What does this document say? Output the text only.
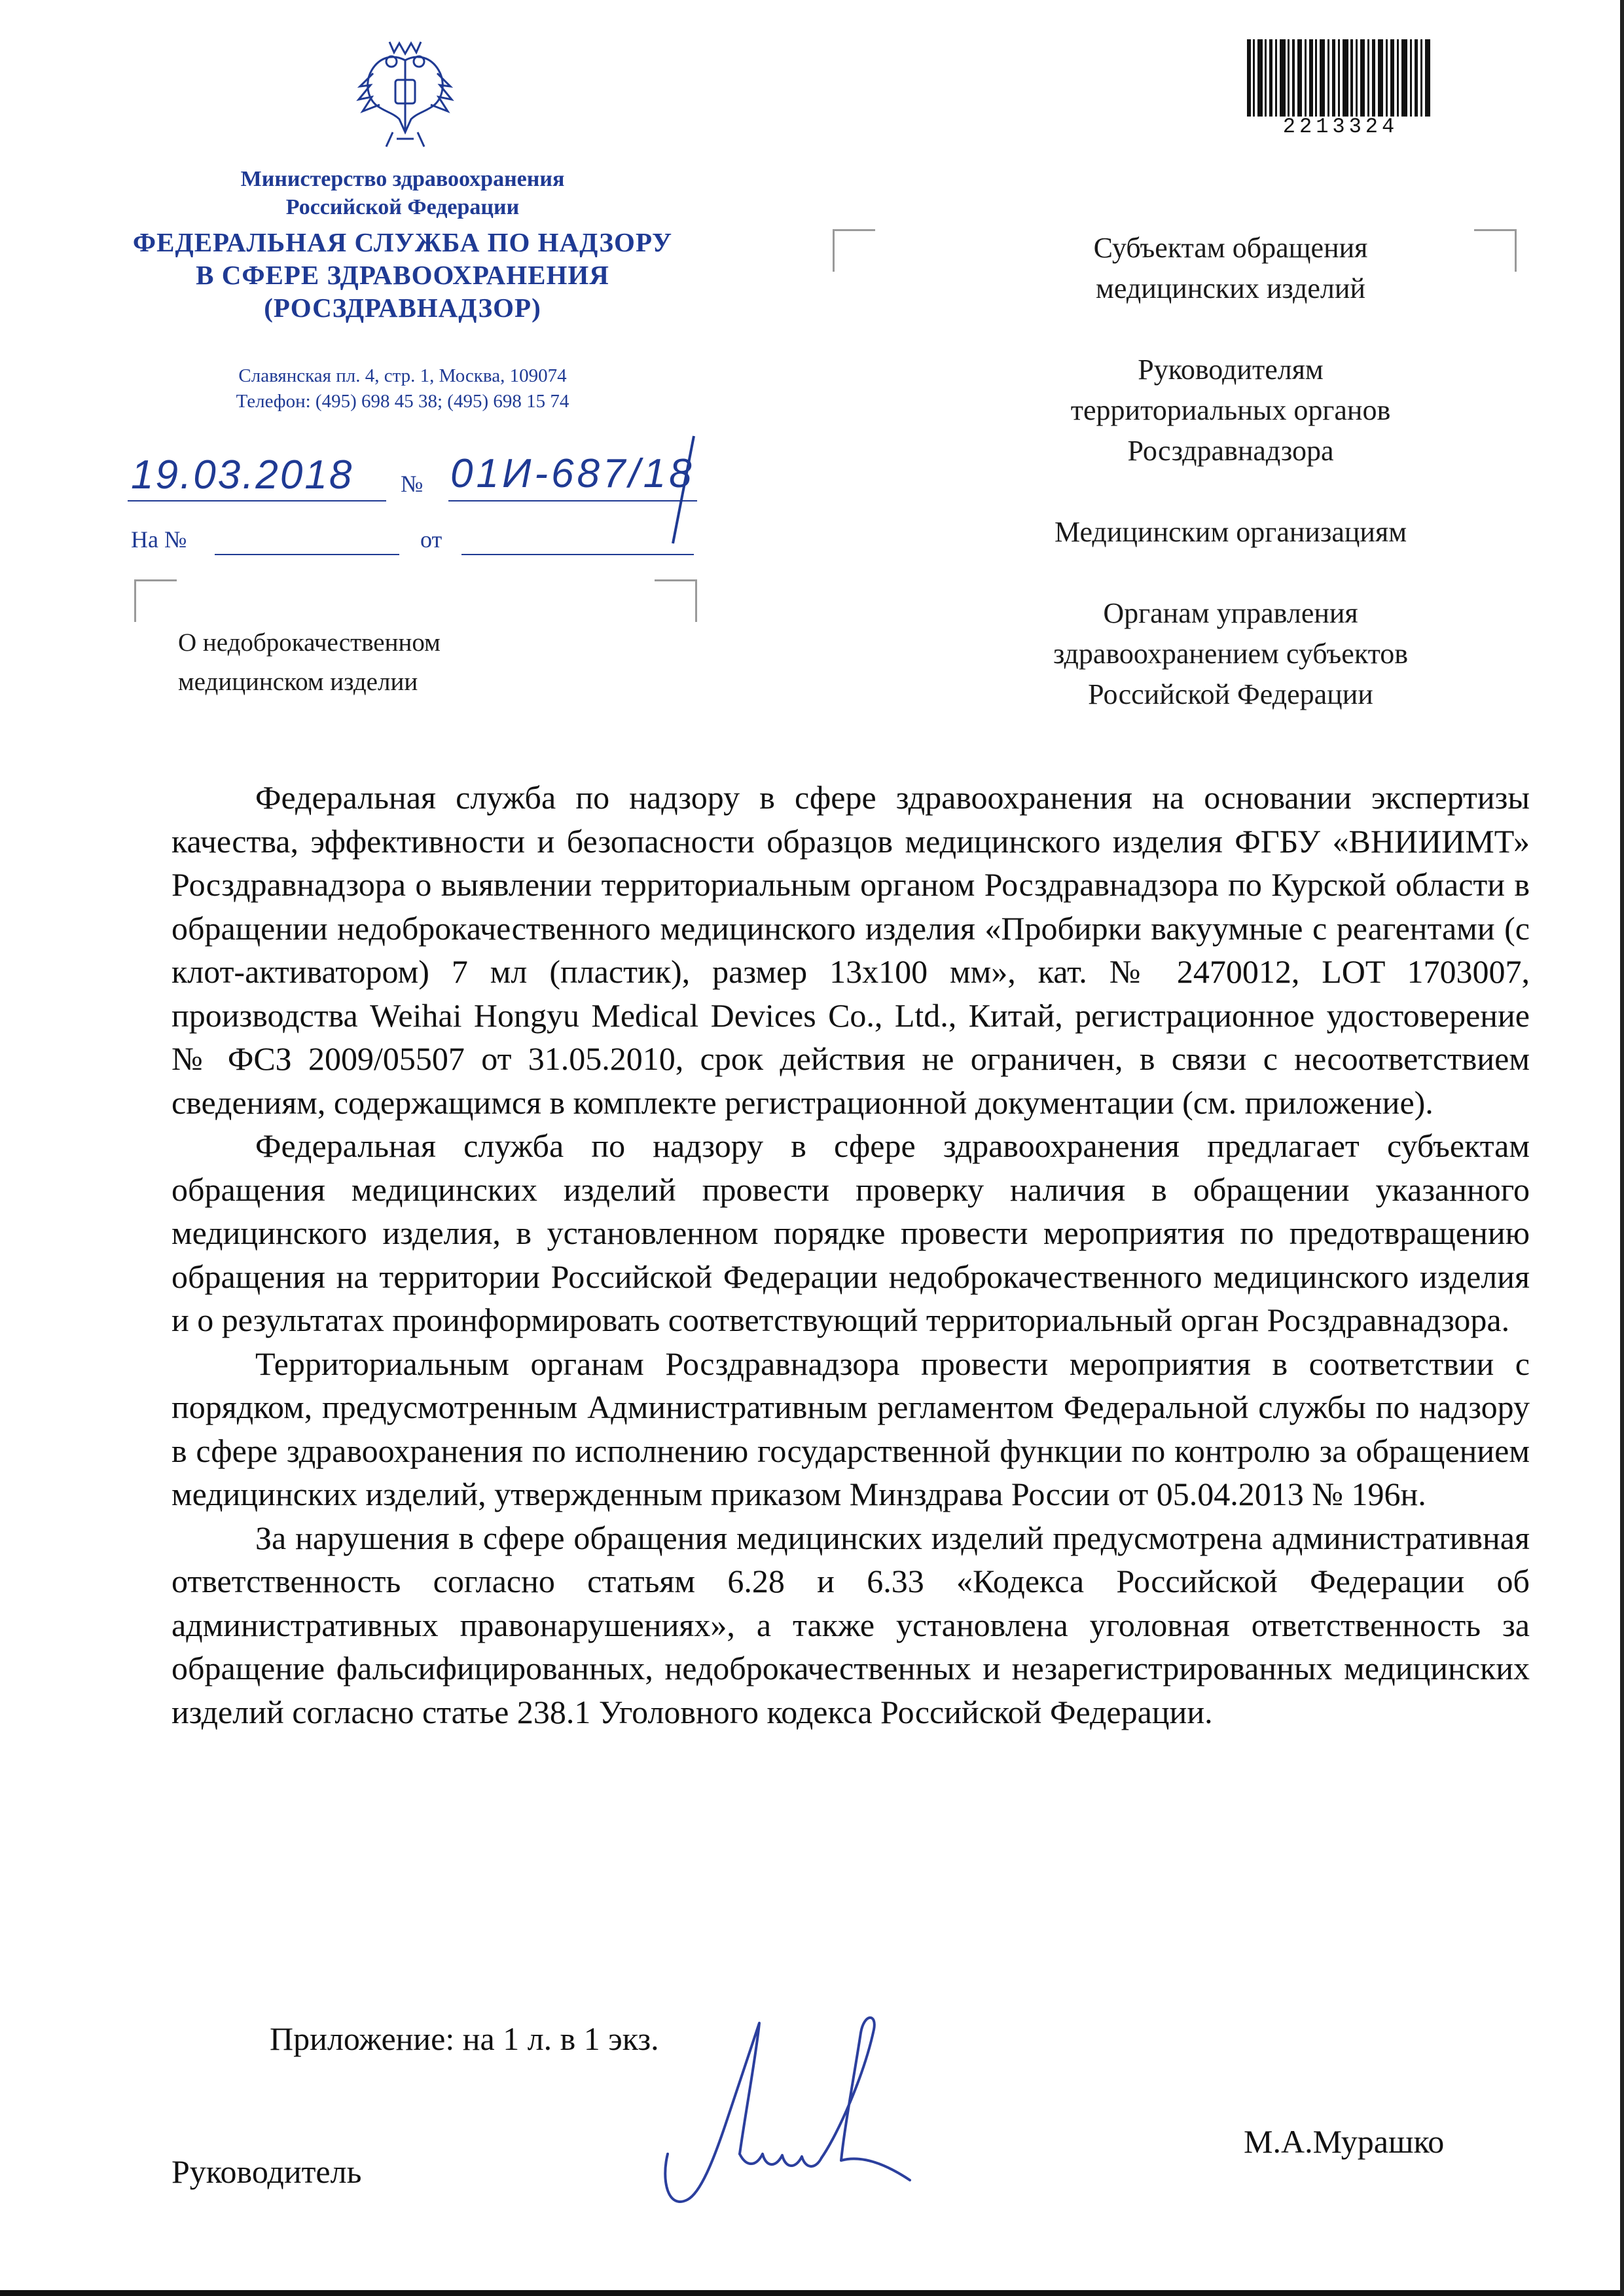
Министерство здравоохранения
Российской Федерации
ФЕДЕРАЛЬНАЯ СЛУЖБА ПО НАДЗОРУ
В СФЕРЕ ЗДРАВООХРАНЕНИЯ
(РОСЗДРАВНАДЗОР)
Славянская пл. 4, стр. 1, Москва, 109074
Телефон: (495) 698 45 38; (495) 698 15 74
19.03.2018 № 01И-687/18
На №	от
О недоброкачественном
медицинском изделии
2213324
Субъектам обращения
медицинских изделий
Руководителям
территориальных органов
Росздравнадзора
Медицинским организациям
Органам управления
здравоохранением субъектов
Российской Федерации

Федеральная служба по надзору в сфере здравоохранения на основании экспертизы качества, эффективности и безопасности образцов медицинского изделия ФГБУ «ВНИИИМТ» Росздравнадзора о выявлении территориальным органом Росздравнадзора по Курской области в обращении недоброкачественного медицинского изделия «Пробирки вакуумные с реагентами (с клот-активатором) 7 мл (пластик), размер 13x100 мм», кат. № 2470012, LOT 1703007, производства Weihai Hongyu Medical Devices Co., Ltd., Китай, регистрационное удостоверение № ФСЗ 2009/05507 от 31.05.2010, срок действия не ограничен, в связи с несоответствием сведениям, содержащимся в комплекте регистрационной документации (см. приложение).

Федеральная служба по надзору в сфере здравоохранения предлагает субъектам обращения медицинских изделий провести проверку наличия в обращении указанного медицинского изделия, в установленном порядке провести мероприятия по предотвращению обращения на территории Российской Федерации недоброкачественного медицинского изделия и о результатах проинформировать соответствующий территориальный орган Росздравнадзора.

Территориальным органам Росздравнадзора провести мероприятия в соответствии с порядком, предусмотренным Административным регламентом Федеральной службы по надзору в сфере здравоохранения по исполнению государственной функции по контролю за обращением медицинских изделий, утвержденным приказом Минздрава России от 05.04.2013 № 196н.

За нарушения в сфере обращения медицинских изделий предусмотрена административная ответственность согласно статьям 6.28 и 6.33 «Кодекса Российской Федерации об административных правонарушениях», а также установлена уголовная ответственность за обращение фальсифицированных, недоброкачественных и незарегистрированных медицинских изделий согласно статье 238.1 Уголовного кодекса Российской Федерации.

Приложение: на 1 л. в 1 экз.
Руководитель
М.А.Мурашко
